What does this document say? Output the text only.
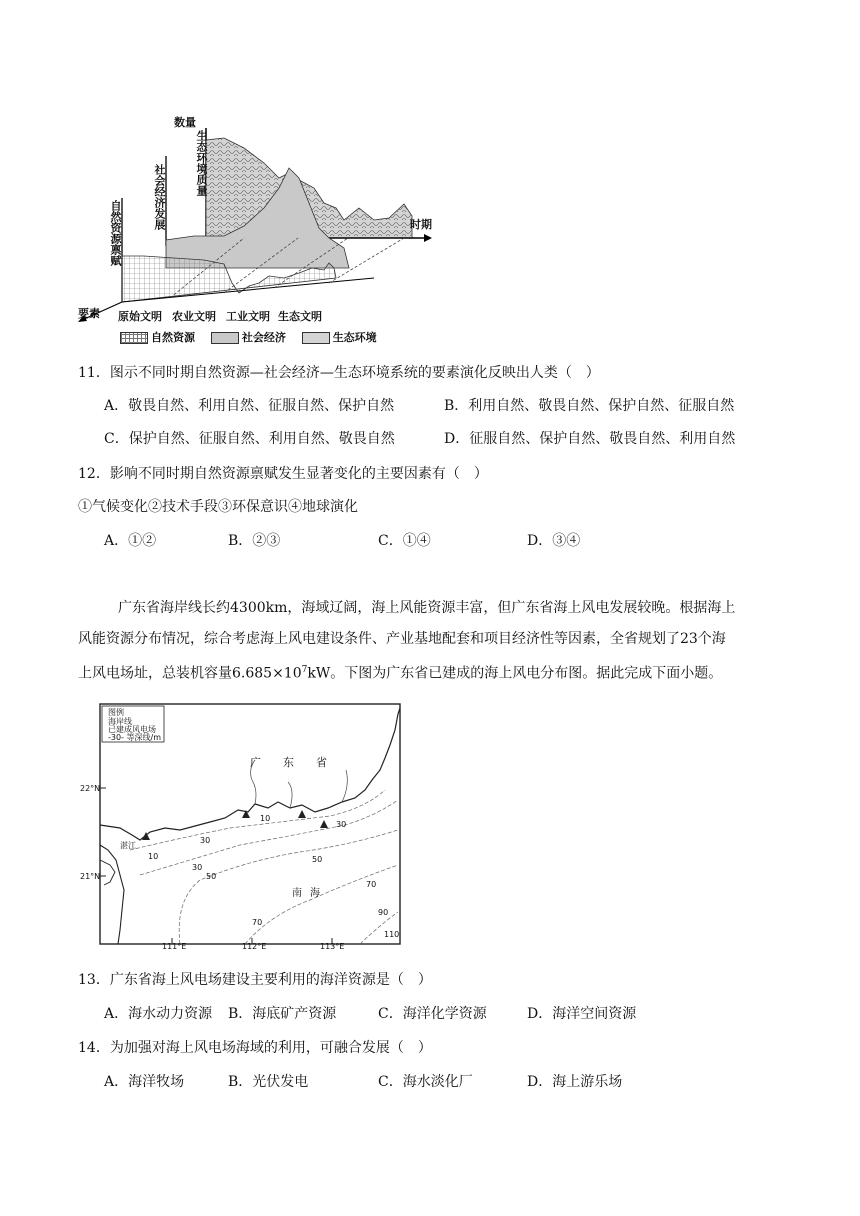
数量
生态环境质量
社会经济发展
自然资源禀赋	时期
要素 原始文明 农业文明 工业文明 生态文明
自然资源	社会经济	生态环境
11．图示不同时期自然资源—社会经济—生态环境系统的要素演化反映出人类（　）
A．敬畏自然、利用自然、征服自然、保护自然	B．利用自然、敬畏自然、保护自然、征服自然
C．保护自然、征服自然、利用自然、敬畏自然	D．征服自然、保护自然、敬畏自然、利用自然
12．影响不同时期自然资源禀赋发生显著变化的主要因素有（　）
①气候变化②技术手段③环保意识④地球演化
A．①②	B．②③	C．①④	D．③④
广东省海岸线长约4300km，海域辽阔，海上风能资源丰富，但广东省海上风电发展较晚。根据海上
风能资源分布情况，综合考虑海上风电建设条件、产业基地配套和项目经济性等因素，全省规划了23个海
上风电场址，总装机容量$6.685\times 10^7kW$。下图为广东省已建成的海上风电分布图。据此完成下面小题。
图例
海岸线
已建成风电场
-30- 等深线/m
广东省
南海
湛江
22°N
21°N
111°E	112°E	113°E
10
10
30
30
30
50
50
70
70
90
110
13．广东省海上风电场建设主要利用的海洋资源是（　）
A．海水动力资源 B．海底矿产资源	C．海洋化学资源	D．海洋空间资源
14．为加强对海上风电场海域的利用，可融合发展（　）
A．海洋牧场	B．光伏发电	C．海水淡化厂	D．海上游乐场
